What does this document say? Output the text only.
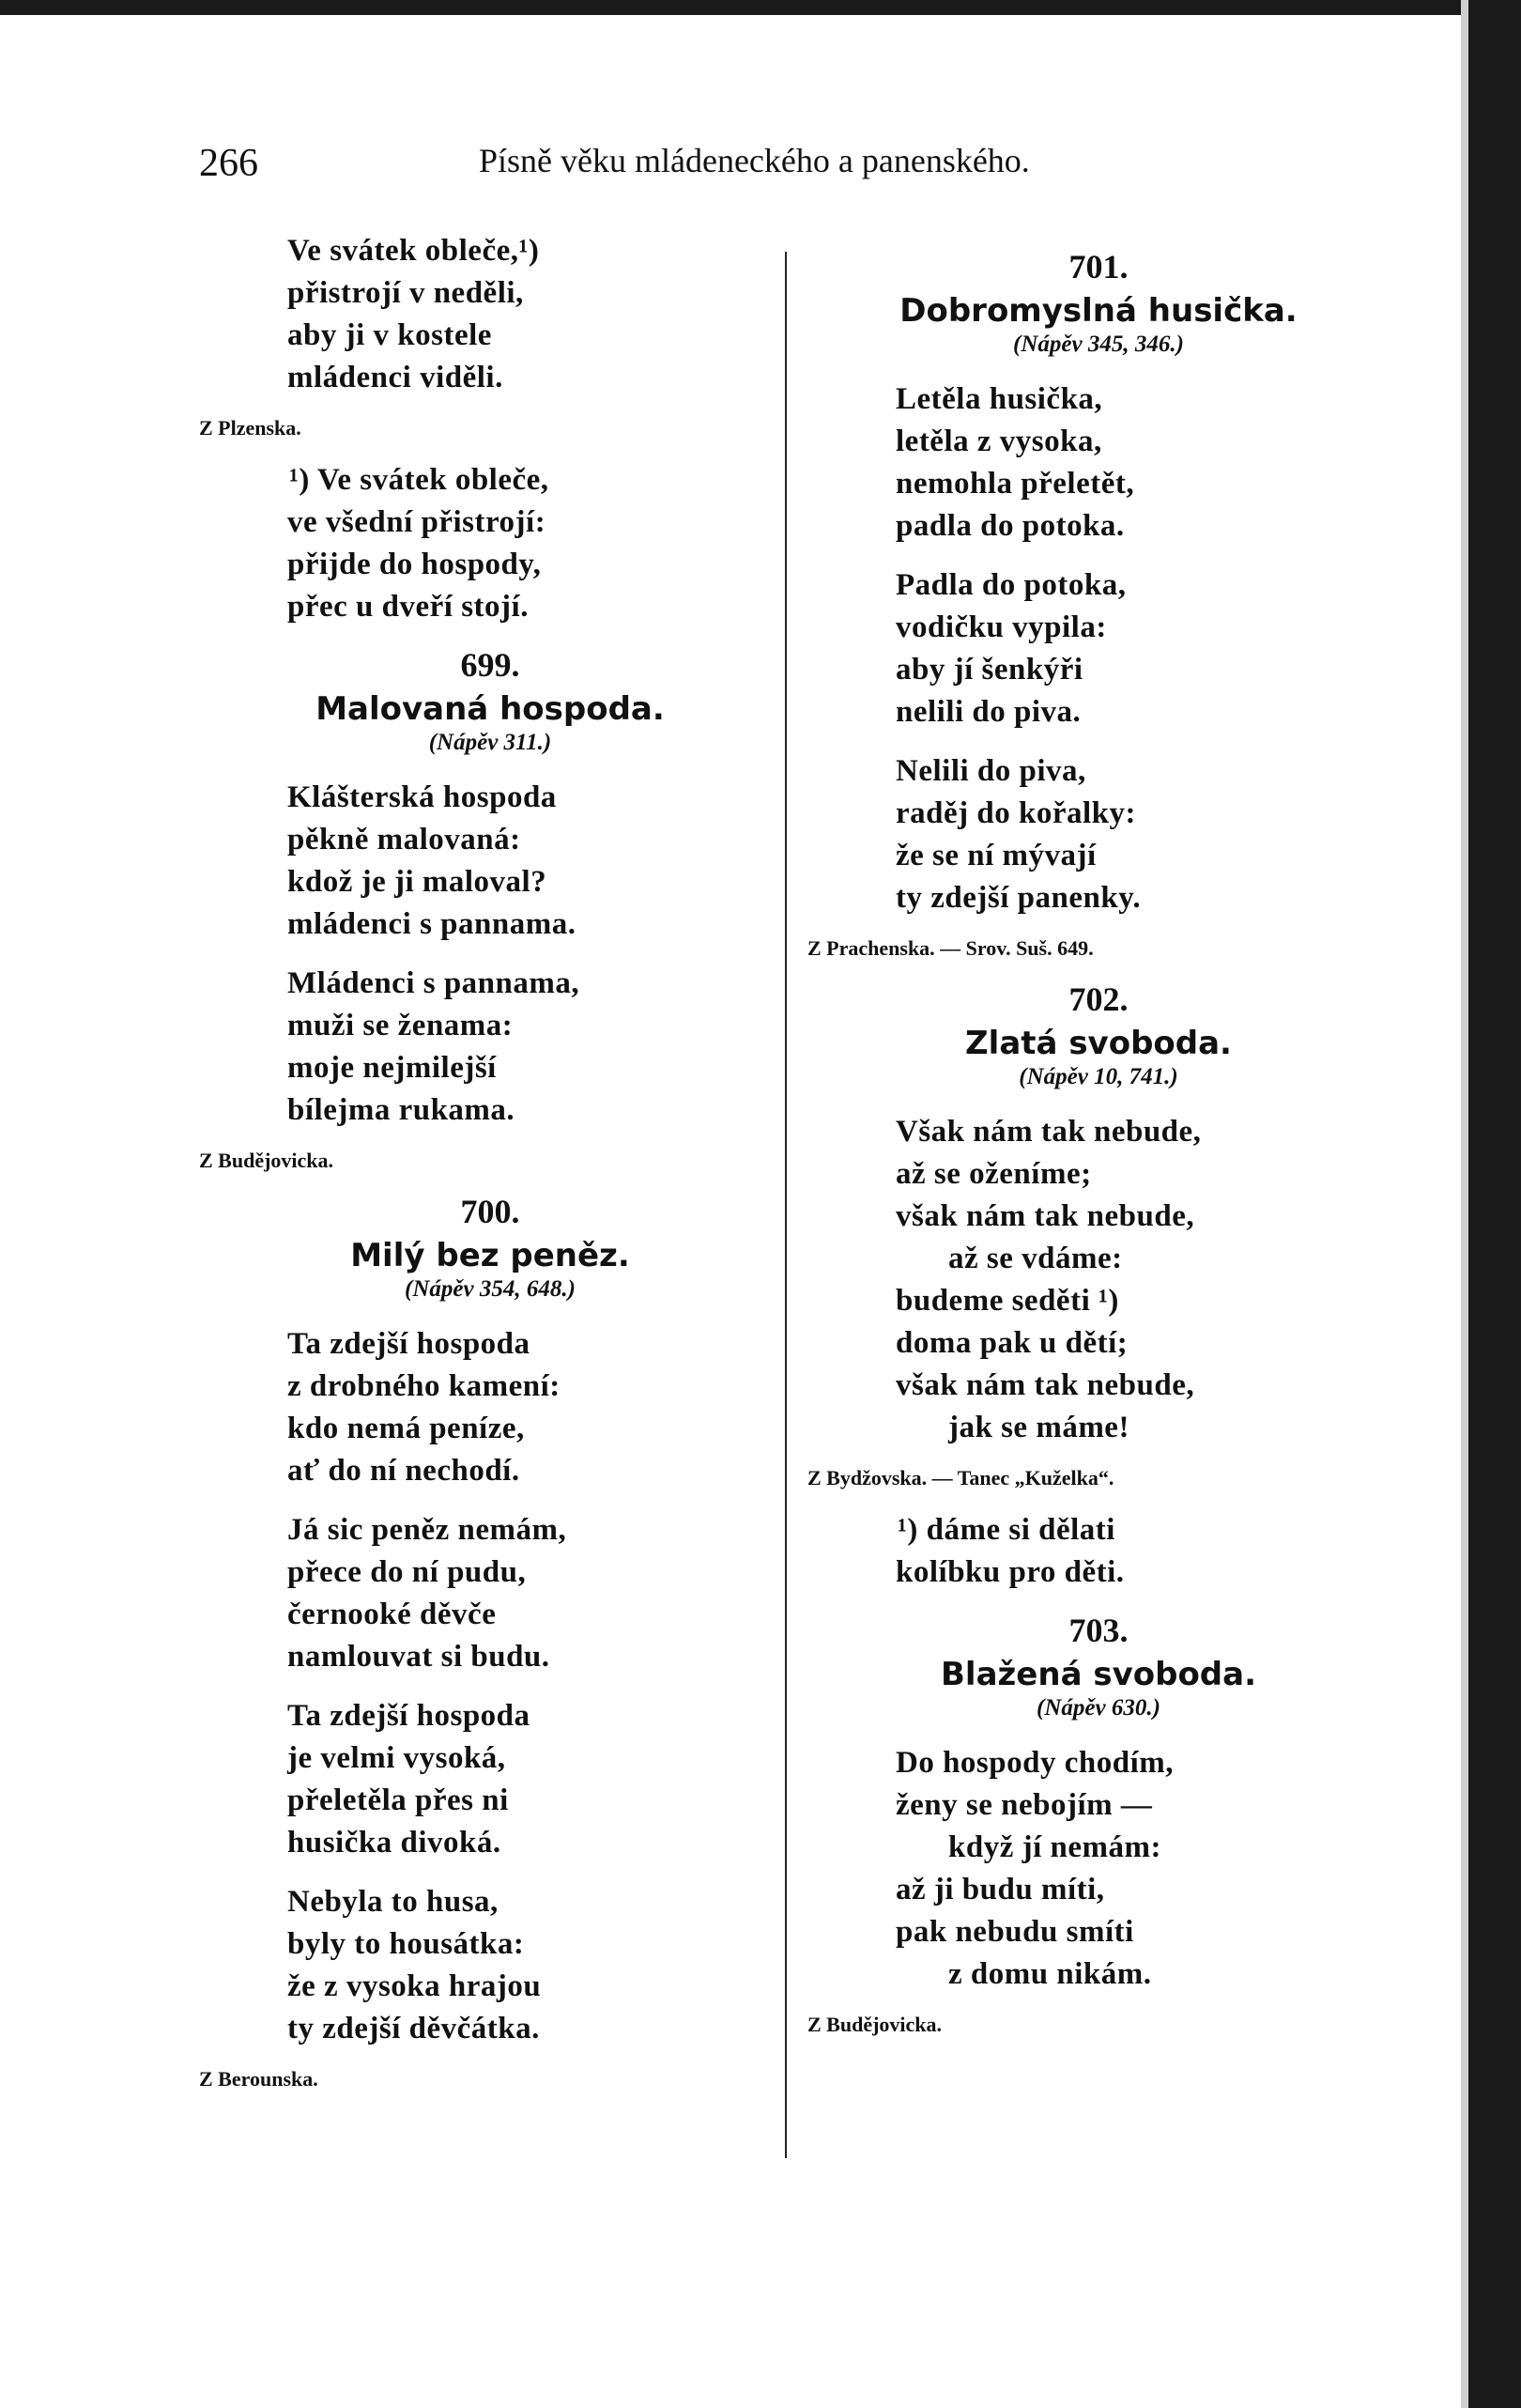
266	Písně věku mládeneckého a panenského.
Ve svátek obleče,¹)
přistrojí v neděli,
aby ji v kostele
mládenci viděli.
Z Plzenska.
¹) Ve svátek obleče,
ve všední přistrojí:
přijde do hospody,
přec u dveří stojí.
699.
Malovaná hospoda.
(Nápěv 311.)
Klášterská hospoda
pěkně malovaná:
kdož je ji maloval?
mládenci s pannama.
Mládenci s pannama,
muži se ženama:
moje nejmilejší
bílejma rukama.
Z Budějovicka.
700.
Milý bez peněz.
(Nápěv 354, 648.)
Ta zdejší hospoda
z drobného kamení:
kdo nemá peníze,
ať do ní nechodí.
Já sic peněz nemám,
přece do ní pudu,
černooké děvče
namlouvat si budu.
Ta zdejší hospoda
je velmi vysoká,
přeletěla přes ni
husička divoká.
Nebyla to husa,
byly to housátka:
že z vysoka hrajou
ty zdejší děvčátka.
Z Berounska.
701.
Dobromyslná husička.
(Nápěv 345, 346.)
Letěla husička,
letěla z vysoka,
nemohla přeletět,
padla do potoka.
Padla do potoka,
vodičku vypila:
aby jí šenkýři
nelili do piva.
Nelili do piva,
raděj do kořalky:
že se ní mývají
ty zdejší panenky.
Z Prachenska. — Srov. Suš. 649.
702.
Zlatá svoboda.
(Nápěv 10, 741.)
Však nám tak nebude,
až se oženíme;
však nám tak nebude,
až se vdáme:
budeme seděti ¹)
doma pak u dětí;
však nám tak nebude,
jak se máme!
Z Bydžovska. — Tanec „Kuželka“.
¹) dáme si dělati
kolíbku pro děti.
703.
Blažená svoboda.
(Nápěv 630.)
Do hospody chodím,
ženy se nebojím —
když jí nemám:
až ji budu míti,
pak nebudu smíti
z domu nikám.
Z Budějovicka.
